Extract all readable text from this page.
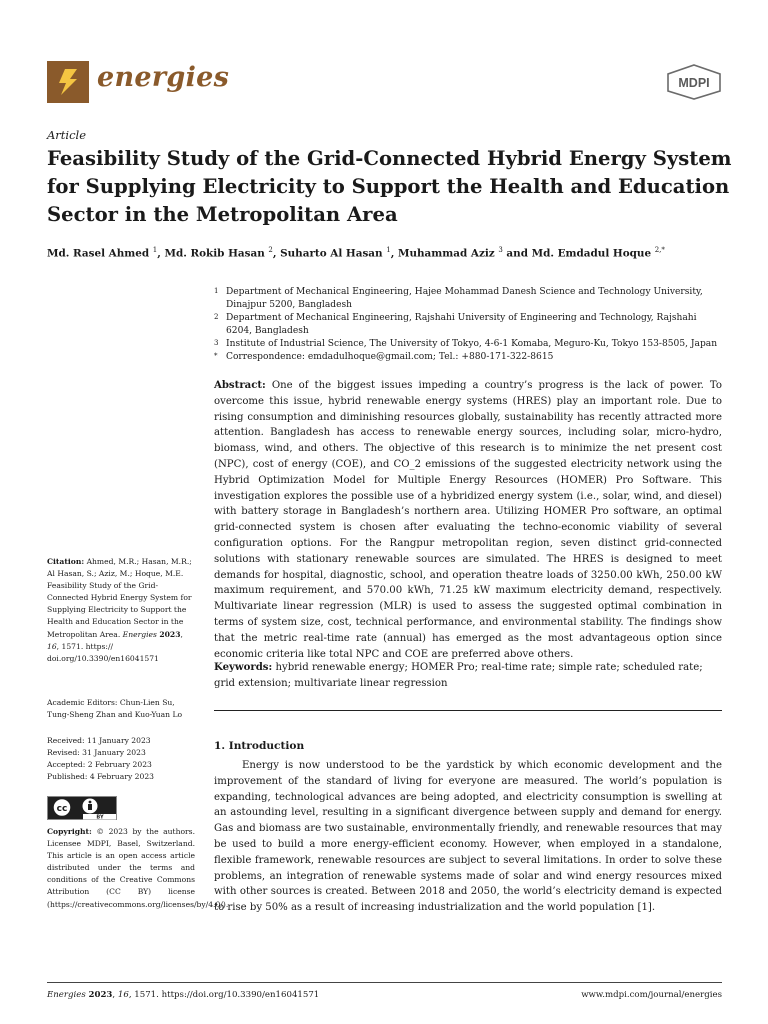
energies	MDPI
Article
Feasibility Study of the Grid-Connected Hybrid Energy System for Supplying Electricity to Support the Health and Education Sector in the Metropolitan Area
Md. Rasel Ahmed $^1$, Md. Rokib Hasan $^2$, Suharto Al Hasan $^1$, Muhammad Aziz $^3$ and Md. Emdadul Hoque $^{2,*}$
1 Department of Mechanical Engineering, Hajee Mohammad Danesh Science and Technology University, Dinajpur 5200, Bangladesh
2 Department of Mechanical Engineering, Rajshahi University of Engineering and Technology, Rajshahi 6204, Bangladesh
3 Institute of Industrial Science, The University of Tokyo, 4-6-1 Komaba, Meguro-Ku, Tokyo 153-8505, Japan
* Correspondence: emdadulhoque@gmail.com; Tel.: +880-171-322-8615

Abstract: One of the biggest issues impeding a country’s progress is the lack of power. To overcome this issue, hybrid renewable energy systems (HRES) play an important role. Due to rising consumption and diminishing resources globally, sustainability has recently attracted more attention. Bangladesh has access to renewable energy sources, including solar, micro-hydro, biomass, wind, and others. The objective of this research is to minimize the net present cost (NPC), cost of energy (COE), and CO_2 emissions of the suggested electricity network using the Hybrid Optimization Model for Multiple Energy Resources (HOMER) Pro Software. This investigation explores the possible use of a hybridized energy system (i.e., solar, wind, and diesel) with battery storage in Bangladesh’s northern area. Utilizing HOMER Pro software, an optimal grid-connected system is chosen after evaluating the techno-economic viability of several configuration options. For the Rangpur metropolitan region, seven distinct grid-connected solutions with stationary renewable sources are simulated. The HRES is designed to meet demands for hospital, diagnostic, school, and operation theatre loads of 3250.00 kWh, 250.00 kW maximum requirement, and 570.00 kWh, 71.25 kW maximum electricity demand, respectively. Multivariate linear regression (MLR) is used to assess the suggested optimal combination in terms of system size, cost, technical performance, and environmental stability. The findings show that the metric real-time rate (annual) has emerged as the most advantageous option since economic criteria like total NPC and COE are preferred above others.

Keywords: hybrid renewable energy; HOMER Pro; real-time rate; simple rate; scheduled rate; grid extension; multivariate linear regression

1. Introduction

Energy is now understood to be the yardstick by which economic development and the improvement of the standard of living for everyone are measured. The world’s population is expanding, technological advances are being adopted, and electricity consumption is swelling at an astounding level, resulting in a significant divergence between supply and demand for energy. Gas and biomass are two sustainable, environmentally friendly, and renewable resources that may be used to build a more energy-efficient economy. However, when employed in a standalone, flexible framework, renewable resources are subject to several limitations. In order to solve these problems, an integration of renewable systems made of solar and wind energy resources mixed with other sources is created. Between 2018 and 2050, the world’s electricity demand is expected to rise by 50% as a result of increasing industrialization and the world population [1].

Citation: Ahmed, M.R.; Hasan, M.R.; Al Hasan, S.; Aziz, M.; Hoque, M.E. Feasibility Study of the Grid-Connected Hybrid Energy System for Supplying Electricity to Support the Health and Education Sector in the Metropolitan Area. Energies 2023, 16, 1571. https:// doi.org/10.3390/en16041571

Academic Editors: Chun-Lien Su, Tung-Sheng Zhan and Kuo-Yuan Lo

Received: 11 January 2023
Revised: 31 January 2023
Accepted: 2 February 2023
Published: 4 February 2023
cc
BY

Copyright: © 2023 by the authors. Licensee MDPI, Basel, Switzerland. This article is an open access article distributed under the terms and conditions of the Creative Commons Attribution (CC BY) license (https://creativecommons.org/licenses/by/4.0/).

Energies 2023, 16, 1571. https://doi.org/10.3390/en16041571	www.mdpi.com/journal/energies
